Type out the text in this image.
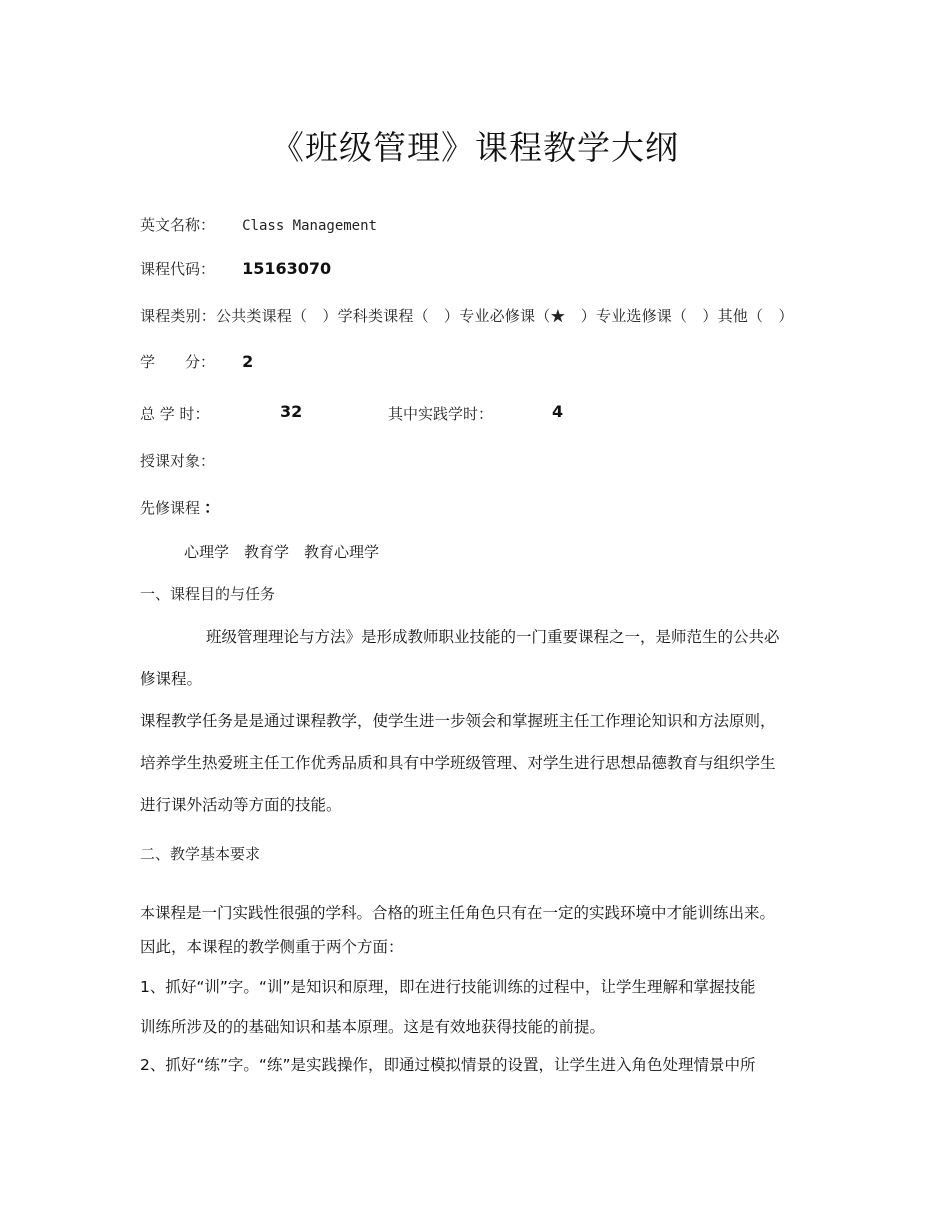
《班级管理》课程教学大纲
英文名称： Class Management
课程代码： 15163070
课程类别：公共类课程（　）学科类课程（　）专业必修课（★　）专业选修课（　）其他（　）
学　　分： 2
总 学 时：	32	其中实践学时：	4
授课对象：
先修课程 ：
心理学　教育学　教育心理学
一、课程目的与任务
班级管理理论与方法》是形成教师职业技能的一门重要课程之一，是师范生的公共必
修课程。
课程教学任务是是通过课程教学，使学生进一步领会和掌握班主任工作理论知识和方法原则，
培养学生热爱班主任工作优秀品质和具有中学班级管理、对学生进行思想品德教育与组织学生
进行课外活动等方面的技能。
二、教学基本要求
本课程是一门实践性很强的学科。合格的班主任角色只有在一定的实践环境中才能训练出来。
因此，本课程的教学侧重于两个方面：
1、抓好“训”字。“训”是知识和原理，即在进行技能训练的过程中，让学生理解和掌握技能
训练所涉及的的基础知识和基本原理。这是有效地获得技能的前提。
2、抓好“练”字。“练”是实践操作，即通过模拟情景的设置，让学生进入角色处理情景中所
